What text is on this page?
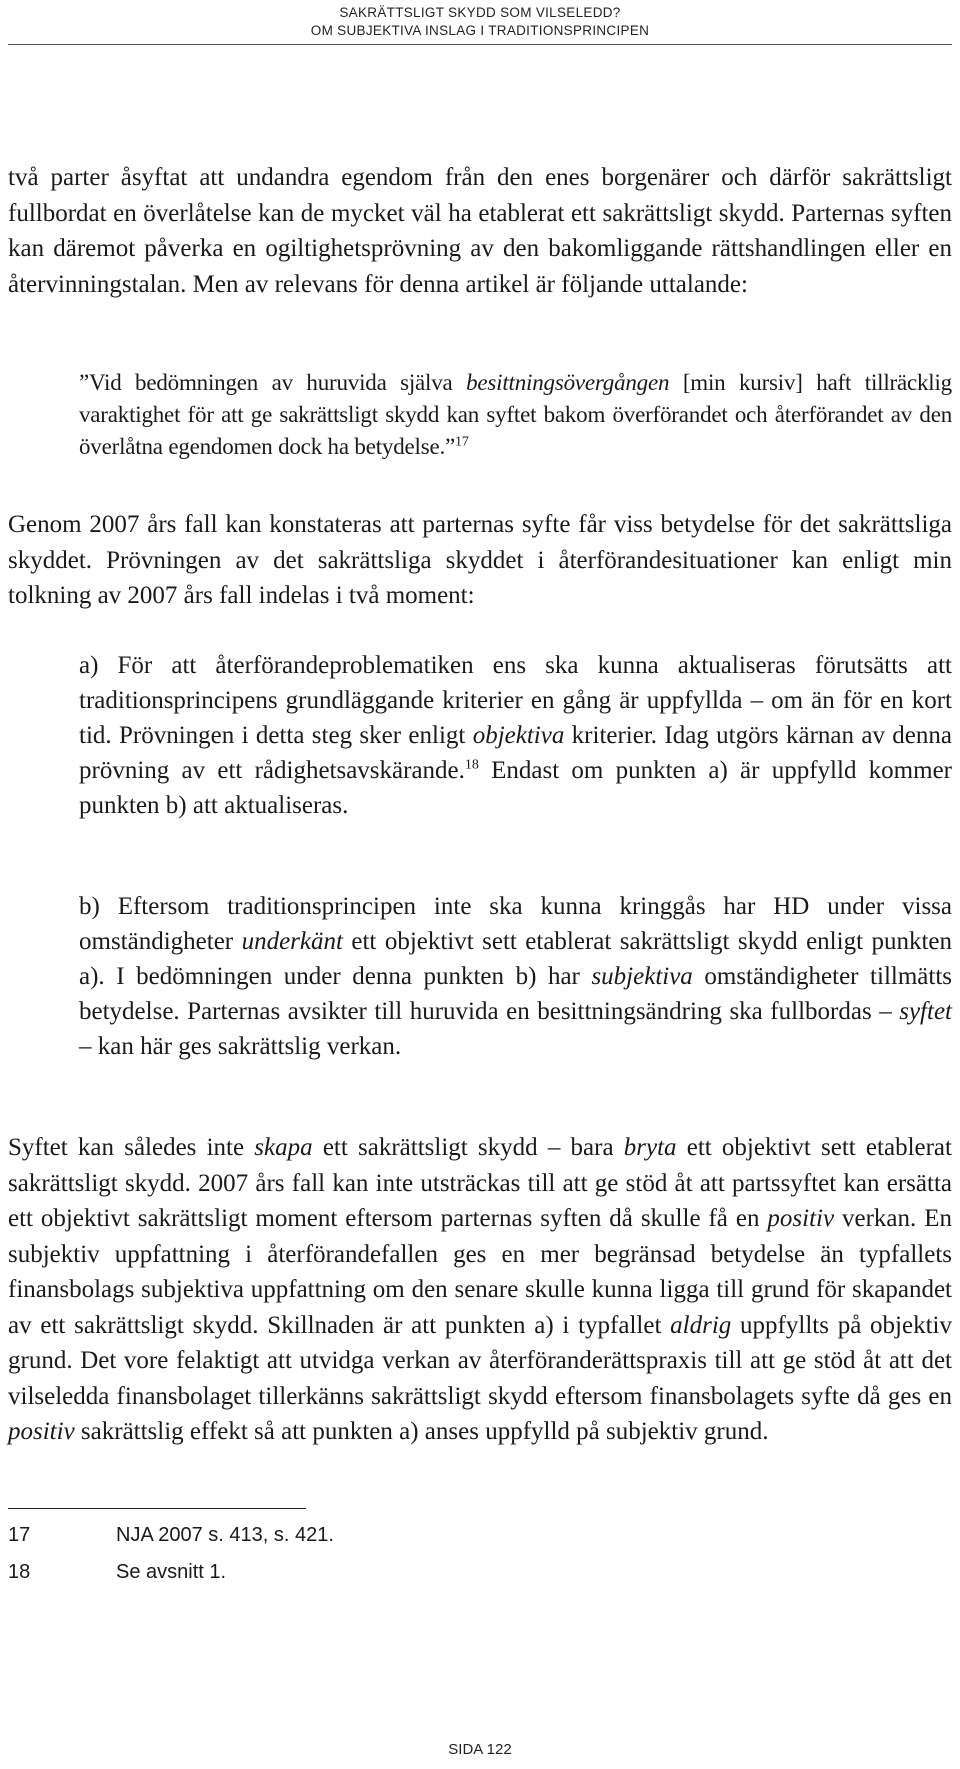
SAKRÄTTSLIGT SKYDD SOM VILSELEDD?
OM SUBJEKTIVA INSLAG I TRADITIONSPRINCIPEN

två parter åsyftat att undandra egendom från den enes borgenärer och därför sakrättsligt fullbordat en överlåtelse kan de mycket väl ha etablerat ett sakrättsligt skydd. Parternas syften kan däremot påverka en ogiltighetsprövning av den bakomliggande rättshandlingen eller en återvinningstalan. Men av relevans för denna artikel är följande uttalande:

”Vid bedömningen av huruvida själva besittningsövergången [min kursiv] haft tillräcklig varaktighet för att ge sakrättsligt skydd kan syftet bakom överförandet och återförandet av den överlåtna egendomen dock ha betydelse.”$^{17}$

Genom 2007 års fall kan konstateras att parternas syfte får viss betydelse för det sakrättsliga skyddet. Prövningen av det sakrättsliga skyddet i återförandesituationer kan enligt min tolkning av 2007 års fall indelas i två moment:

a) För att återförandeproblematiken ens ska kunna aktualiseras förutsätts att traditionsprincipens grundläggande kriterier en gång är uppfyllda – om än för en kort tid. Prövningen i detta steg sker enligt objektiva kriterier. Idag utgörs kärnan av denna prövning av ett rådighetsavskärande.$^{18}$ Endast om punkten a) är uppfylld kommer punkten b) att aktualiseras.

b) Eftersom traditionsprincipen inte ska kunna kringgås har HD under vissa omständigheter underkänt ett objektivt sett etablerat sakrättsligt skydd enligt punkten a). I bedömningen under denna punkten b) har subjektiva omständigheter tillmätts betydelse. Parternas avsikter till huruvida en besittningsändring ska fullbordas – syftet – kan här ges sakrättslig verkan.

Syftet kan således inte skapa ett sakrättsligt skydd – bara bryta ett objektivt sett etablerat sakrättsligt skydd. 2007 års fall kan inte utsträckas till att ge stöd åt att partssyftet kan ersätta ett objektivt sakrättsligt moment eftersom parternas syften då skulle få en positiv verkan. En subjektiv uppfattning i återförandefallen ges en mer begränsad betydelse än typfallets finansbolags subjektiva uppfattning om den senare skulle kunna ligga till grund för skapandet av ett sakrättsligt skydd. Skillnaden är att punkten a) i typfallet aldrig uppfyllts på objektiv grund. Det vore felaktigt att utvidga verkan av återföranderättspraxis till att ge stöd åt att det vilseledda finansbolaget tillerkänns sakrättsligt skydd eftersom finansbolagets syfte då ges en positiv sakrättslig effekt så att punkten a) anses uppfylld på subjektiv grund.

17	NJA 2007 s. 413, s. 421.
18	Se avsnitt 1.
SIDA 122
